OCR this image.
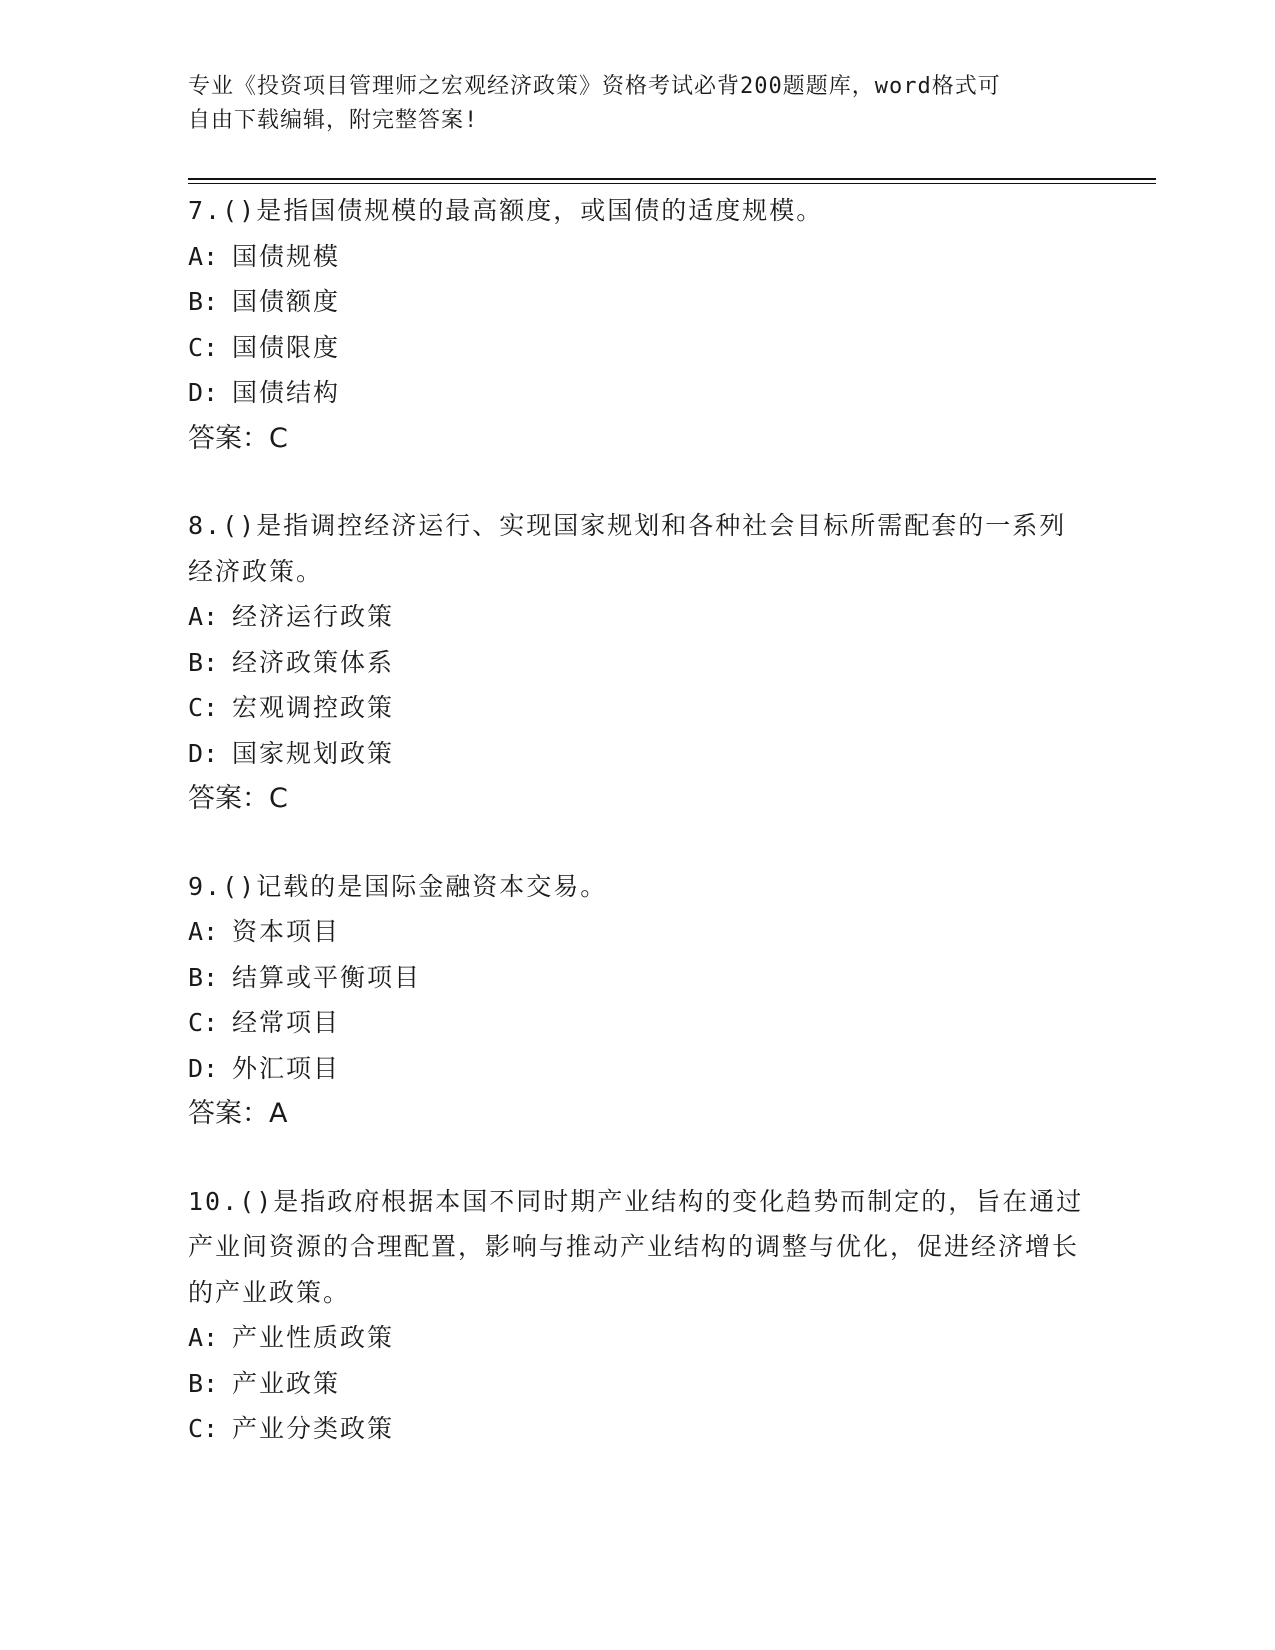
专业《投资项目管理师之宏观经济政策》资格考试必背200题题库，word格式可
自由下载编辑，附完整答案!
7.()是指国债规模的最高额度，或国债的适度规模。
A: 国债规模
B: 国债额度
C: 国债限度
D: 国债结构
答案：C
8.()是指调控经济运行、实现国家规划和各种社会目标所需配套的一系列经济政策。
A: 经济运行政策
B: 经济政策体系
C: 宏观调控政策
D: 国家规划政策
答案：C
9.()记载的是国际金融资本交易。
A: 资本项目
B: 结算或平衡项目
C: 经常项目
D: 外汇项目
答案：A
10.()是指政府根据本国不同时期产业结构的变化趋势而制定的，旨在通过产业间资源的合理配置，影响与推动产业结构的调整与优化，促进经济增长的产业政策。
A: 产业性质政策
B: 产业政策
C: 产业分类政策
